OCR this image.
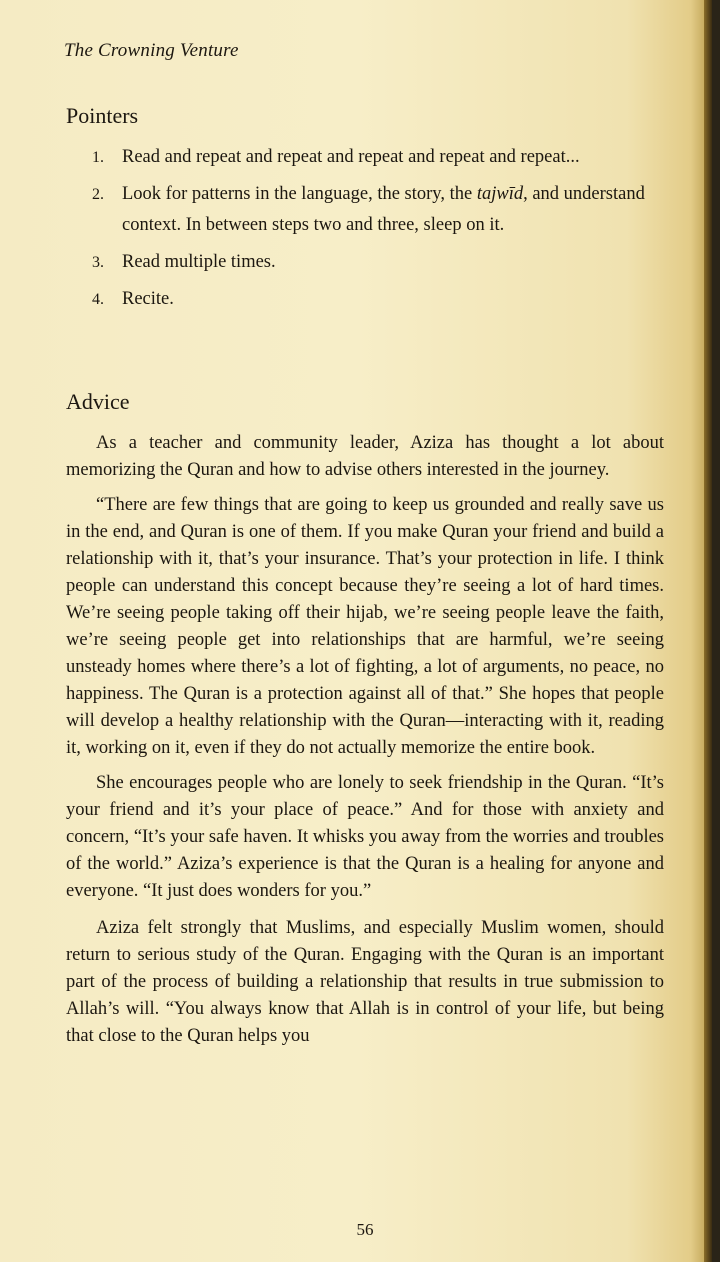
The Crowning Venture
Pointers
1. Read and repeat and repeat and repeat and repeat and repeat...
2. Look for patterns in the language, the story, the tajwīd, and understand context. In between steps two and three, sleep on it.
3. Read multiple times.
4. Recite.
Advice

As a teacher and community leader, Aziza has thought a lot about memorizing the Quran and how to advise others interested in the journey.

“There are few things that are going to keep us grounded and really save us in the end, and Quran is one of them. If you make Quran your friend and build a relationship with it, that’s your insurance. That’s your protection in life. I think people can understand this concept because they’re seeing a lot of hard times. We’re seeing people taking off their hijab, we’re seeing people leave the faith, we’re seeing people get into relationships that are harmful, we’re seeing unsteady homes where there’s a lot of fighting, a lot of arguments, no peace, no happiness. The Quran is a protection against all of that.” She hopes that people will develop a healthy relationship with the Quran—interacting with it, reading it, working on it, even if they do not actually memorize the entire book.

She encourages people who are lonely to seek friendship in the Quran. “It’s your friend and it’s your place of peace.” And for those with anxiety and concern, “It’s your safe haven. It whisks you away from the worries and troubles of the world.” Aziza’s experience is that the Quran is a healing for anyone and everyone. “It just does wonders for you.”

Aziza felt strongly that Muslims, and especially Muslim women, should return to serious study of the Quran. Engaging with the Quran is an important part of the process of building a relationship that results in true submission to Allah’s will. “You always know that Allah is in control of your life, but being that close to the Quran helps you

56
